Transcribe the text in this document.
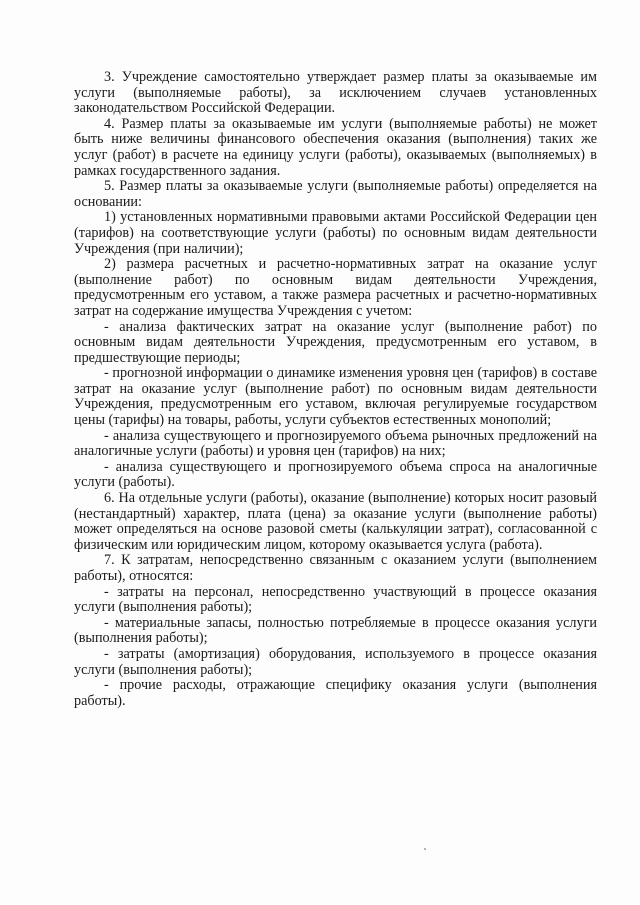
3. Учреждение самостоятельно утверждает размер платы за оказываемые им услуги (выполняемые работы), за исключением случаев установленных законодательством Российской Федерации.

4. Размер платы за оказываемые им услуги (выполняемые работы) не может быть ниже величины финансового обеспечения оказания (выполнения) таких же услуг (работ) в расчете на единицу услуги (работы), оказываемых (выполняемых) в рамках государственного задания.

5. Размер платы за оказываемые услуги (выполняемые работы) определяется на основании:

1) установленных нормативными правовыми актами Российской Федерации цен (тарифов) на соответствующие услуги (работы) по основным видам деятельности Учреждения (при наличии);

2) размера расчетных и расчетно-нормативных затрат на оказание услуг (выполнение работ) по основным видам деятельности Учреждения, предусмотренным его уставом, а также размера расчетных и расчетно-нормативных затрат на содержание имущества Учреждения с учетом:

- анализа фактических затрат на оказание услуг (выполнение работ) по основным видам деятельности Учреждения, предусмотренным его уставом, в предшествующие периоды;

- прогнозной информации о динамике изменения уровня цен (тарифов) в составе затрат на оказание услуг (выполнение работ) по основным видам деятельности Учреждения, предусмотренным его уставом, включая регулируемые государством цены (тарифы) на товары, работы, услуги субъектов естественных монополий;

- анализа существующего и прогнозируемого объема рыночных предложений на аналогичные услуги (работы) и уровня цен (тарифов) на них;

- анализа существующего и прогнозируемого объема спроса на аналогичные услуги (работы).

6. На отдельные услуги (работы), оказание (выполнение) которых носит разовый (нестандартный) характер, плата (цена) за оказание услуги (выполнение работы) может определяться на основе разовой сметы (калькуляции затрат), согласованной с физическим или юридическим лицом, которому оказывается услуга (работа).

7. К затратам, непосредственно связанным с оказанием услуги (выполнением работы), относятся:

- затраты на персонал, непосредственно участвующий в процессе оказания услуги (выполнения работы);

- материальные запасы, полностью потребляемые в процессе оказания услуги (выполнения работы);

- затраты (амортизация) оборудования, используемого в процессе оказания услуги (выполнения работы);

- прочие расходы, отражающие специфику оказания услуги (выполнения работы).
